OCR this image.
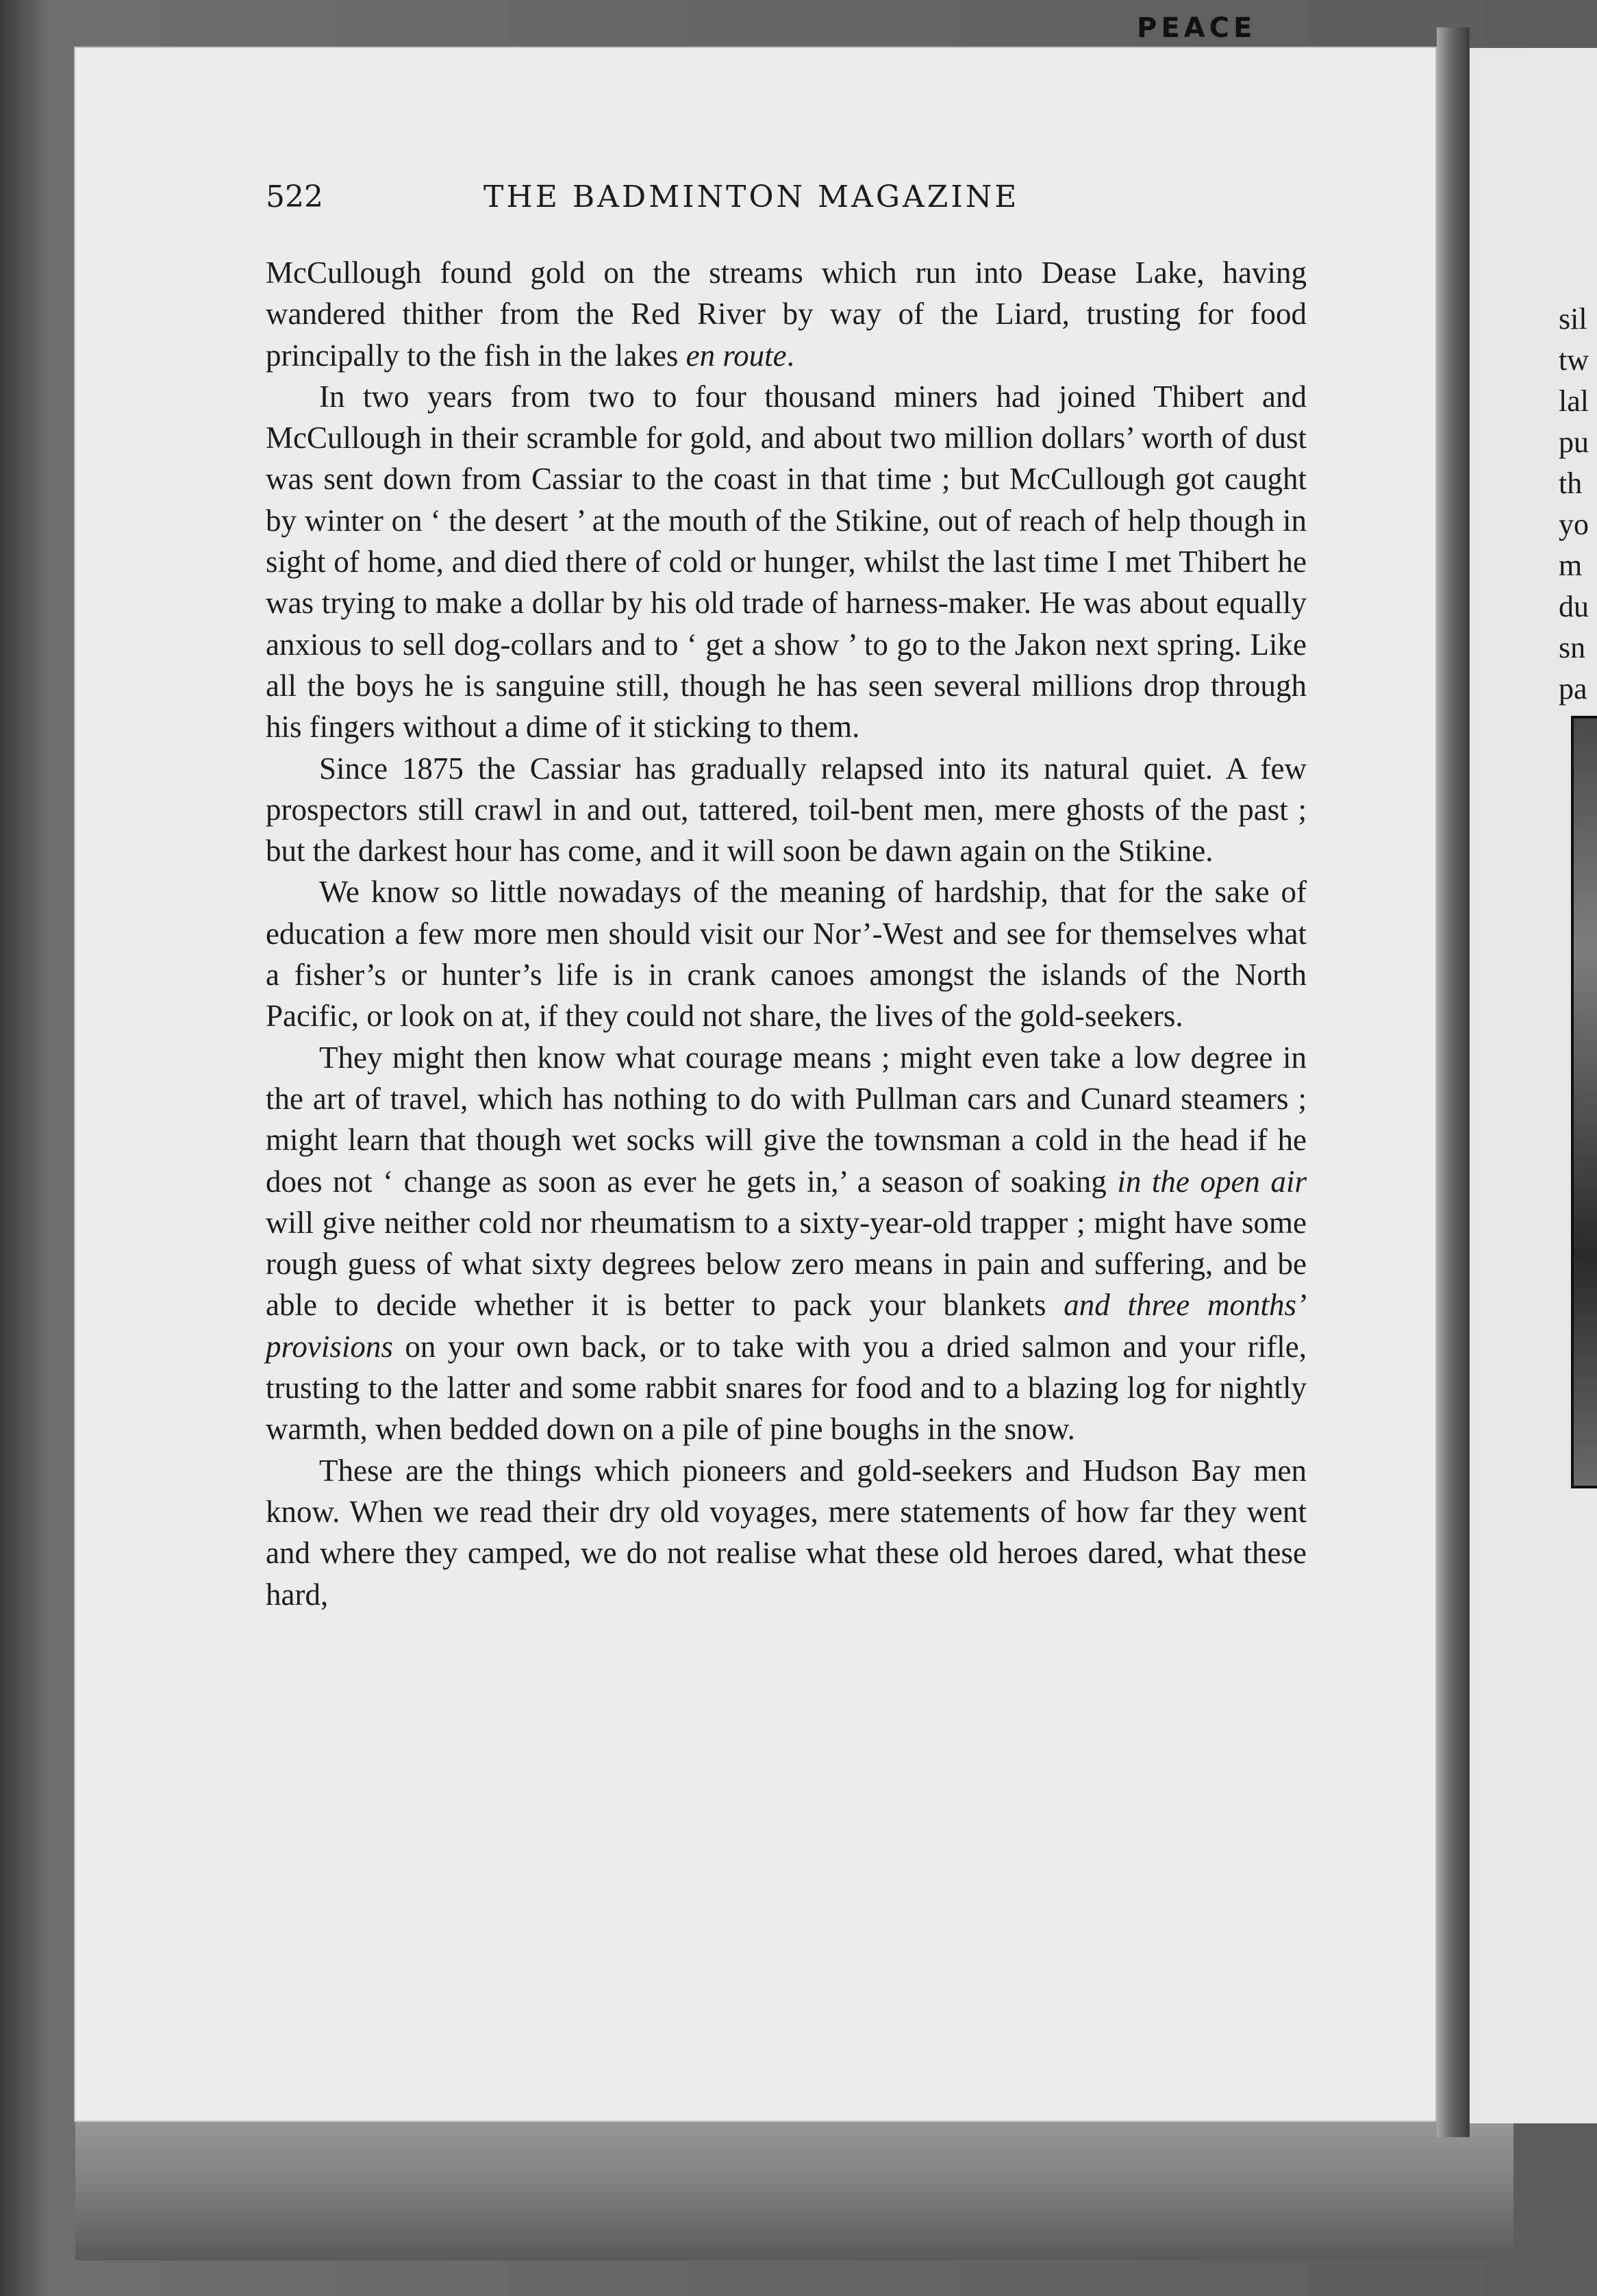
sil
tw
lal
pu
th
yo
m
du
sn
pa
PEACE
522	THE BADMINTON MAGAZINE

McCullough found gold on the streams which run into Dease Lake, having wandered thither from the Red River by way of the Liard, trusting for food principally to the fish in the lakes en route.

In two years from two to four thousand miners had joined Thibert and McCullough in their scramble for gold, and about two million dollars’ worth of dust was sent down from Cassiar to the coast in that time ; but McCullough got caught by winter on ‘ the desert ’ at the mouth of the Stikine, out of reach of help though in sight of home, and died there of cold or hunger, whilst the last time I met Thibert he was trying to make a dollar by his old trade of harness-maker. He was about equally anxious to sell dog-collars and to ‘ get a show ’ to go to the Jakon next spring. Like all the boys he is sanguine still, though he has seen several millions drop through his fingers without a dime of it sticking to them.

Since 1875 the Cassiar has gradually relapsed into its natural quiet. A few prospectors still crawl in and out, tattered, toil-bent men, mere ghosts of the past ; but the darkest hour has come, and it will soon be dawn again on the Stikine.

We know so little nowadays of the meaning of hardship, that for the sake of education a few more men should visit our Nor’-West and see for themselves what a fisher’s or hunter’s life is in crank canoes amongst the islands of the North Pacific, or look on at, if they could not share, the lives of the gold-seekers.

They might then know what courage means ; might even take a low degree in the art of travel, which has nothing to do with Pullman cars and Cunard steamers ; might learn that though wet socks will give the townsman a cold in the head if he does not ‘ change as soon as ever he gets in,’ a season of soaking in the open air will give neither cold nor rheumatism to a sixty-year-old trapper ; might have some rough guess of what sixty degrees below zero means in pain and suffering, and be able to decide whether it is better to pack your blankets and three months’ provisions on your own back, or to take with you a dried salmon and your rifle, trusting to the latter and some rabbit snares for food and to a blazing log for nightly warmth, when bedded down on a pile of pine boughs in the snow.

These are the things which pioneers and gold-seekers and Hudson Bay men know. When we read their dry old voyages, mere statements of how far they went and where they camped, we do not realise what these old heroes dared, what these hard,
